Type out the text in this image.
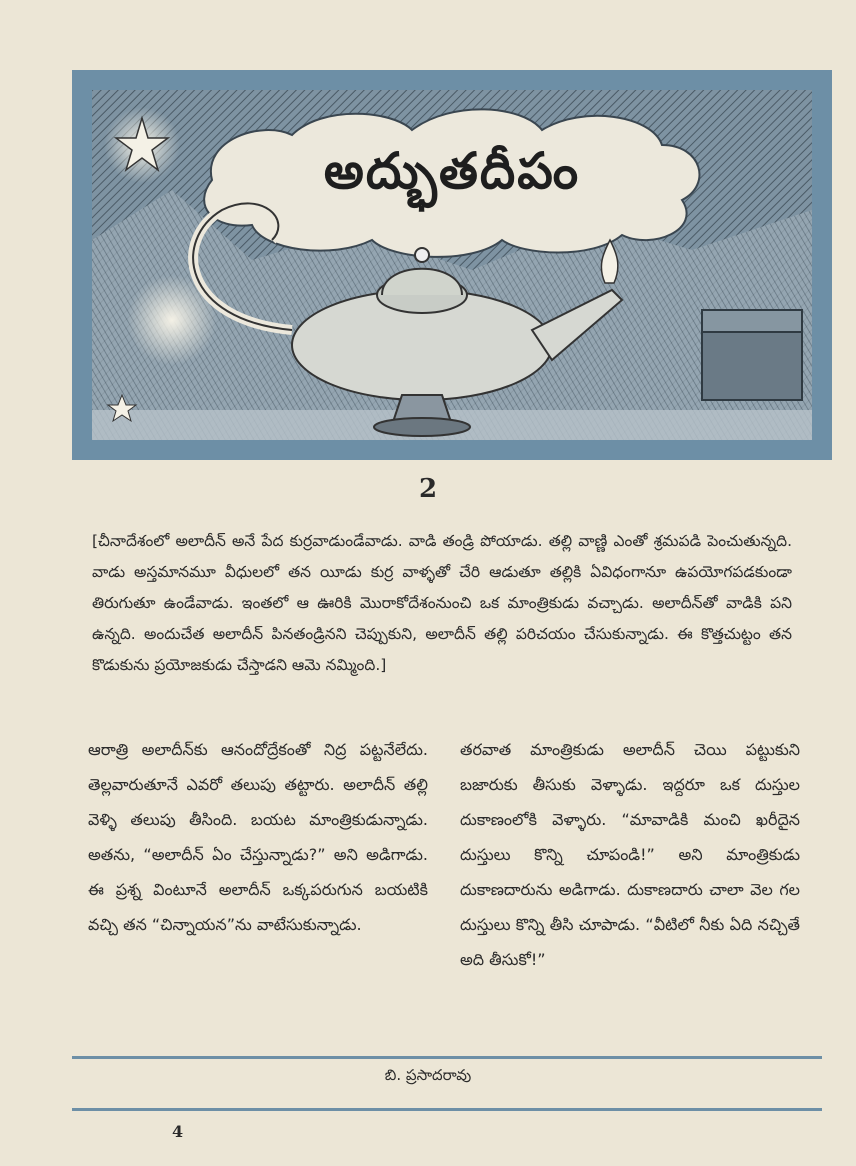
అద్భుతదీపం
2
[చీనాదేశంలో అలాదీన్ అనే పేద కుర్రవాడుండేవాడు. వాడి తండ్రి పోయాడు. తల్లి వాణ్ణి ఎంతో శ్రమపడి పెంచుతున్నది. వాడు అస్తమానమూ వీధులలో తన యీడు కుర్ర వాళ్ళతో చేరి ఆడుతూ తల్లికి ఏవిధంగానూ ఉపయోగపడకుండా తిరుగుతూ ఉండేవాడు. ఇంతలో ఆ ఊరికి మొరాకోదేశంనుంచి ఒక మాంత్రికుడు వచ్చాడు. అలాదీన్‌తో వాడికి పని ఉన్నది. అందుచేత అలాదీన్ పినతండ్రినని చెప్పుకుని, అలాదీన్ తల్లి పరిచయం చేసుకున్నాడు. ఈ కొత్తచుట్టం తన కొడుకును ప్రయోజకుడు చేస్తాడని ఆమె నమ్మింది.]
ఆరాత్రి అలాదీన్‌కు ఆనందోద్రేకంతో నిద్ర పట్టనేలేదు. తెల్లవారుతూనే ఎవరో తలుపు తట్టారు. అలాదీన్ తల్లి వెళ్ళి తలుపు తీసింది. బయట మాంత్రికుడున్నాడు. అతను, “అలాదీన్ ఏం చేస్తున్నాడు?” అని అడిగాడు. ఈ ప్రశ్న వింటూనే అలాదీన్ ఒక్కపరుగున బయటికి వచ్చి తన “చిన్నాయన”ను వాటేసుకున్నాడు.
తరవాత మాంత్రికుడు అలాదీన్ చెయి పట్టుకుని బజారుకు తీసుకు వెళ్ళాడు. ఇద్దరూ ఒక దుస్తుల దుకాణంలోకి వెళ్ళారు. “మావాడికి మంచి ఖరీదైన దుస్తులు కొన్ని చూపండి!” అని మాంత్రికుడు దుకాణదారును అడిగాడు. దుకాణదారు చాలా వెల గల దుస్తులు కొన్ని తీసి చూపాడు. “వీటిలో నీకు ఏది నచ్చితే అది తీసుకో!”
బి. ప్రసాదరావు
4
